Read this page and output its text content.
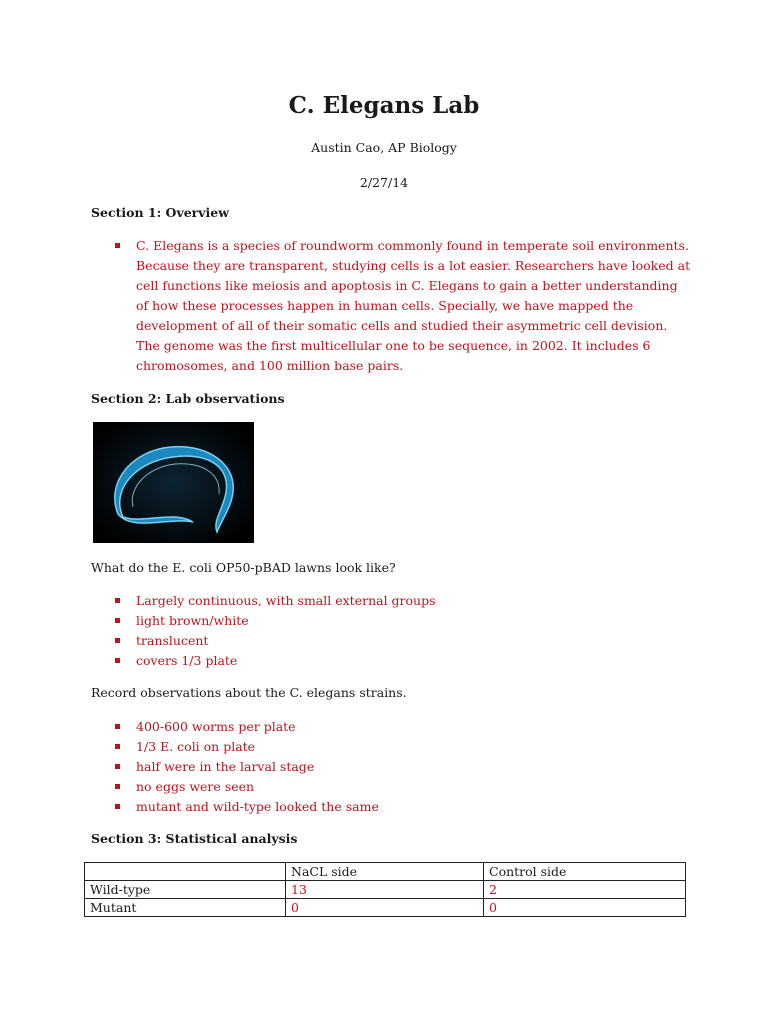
C. Elegans Lab
Austin Cao, AP Biology
2/27/14
Section 1: Overview
C. Elegans is a species of roundworm commonly found in temperate soil environments. Because they are transparent, studying cells is a lot easier. Researchers have looked at cell functions like meiosis and apoptosis in C. Elegans to gain a better understanding of how these processes happen in human cells. Specially, we have mapped the development of all of their somatic cells and studied their asymmetric cell devision. The genome was the first multicellular one to be sequence, in 2002. It includes 6 chromosomes, and 100 million base pairs.
Section 2: Lab observations
What do the E. coli OP50-pBAD lawns look like?
Largely continuous, with small external groups
light brown/white
translucent
covers 1/3 plate
Record observations about the C. elegans strains.
400-600 worms per plate
1/3 E. coli on plate
half were in the larval stage
no eggs were seen
mutant and wild-type looked the same
Section 3: Statistical analysis
	NaCL side	Control side
Wild-type	13	2
Mutant	0	0
